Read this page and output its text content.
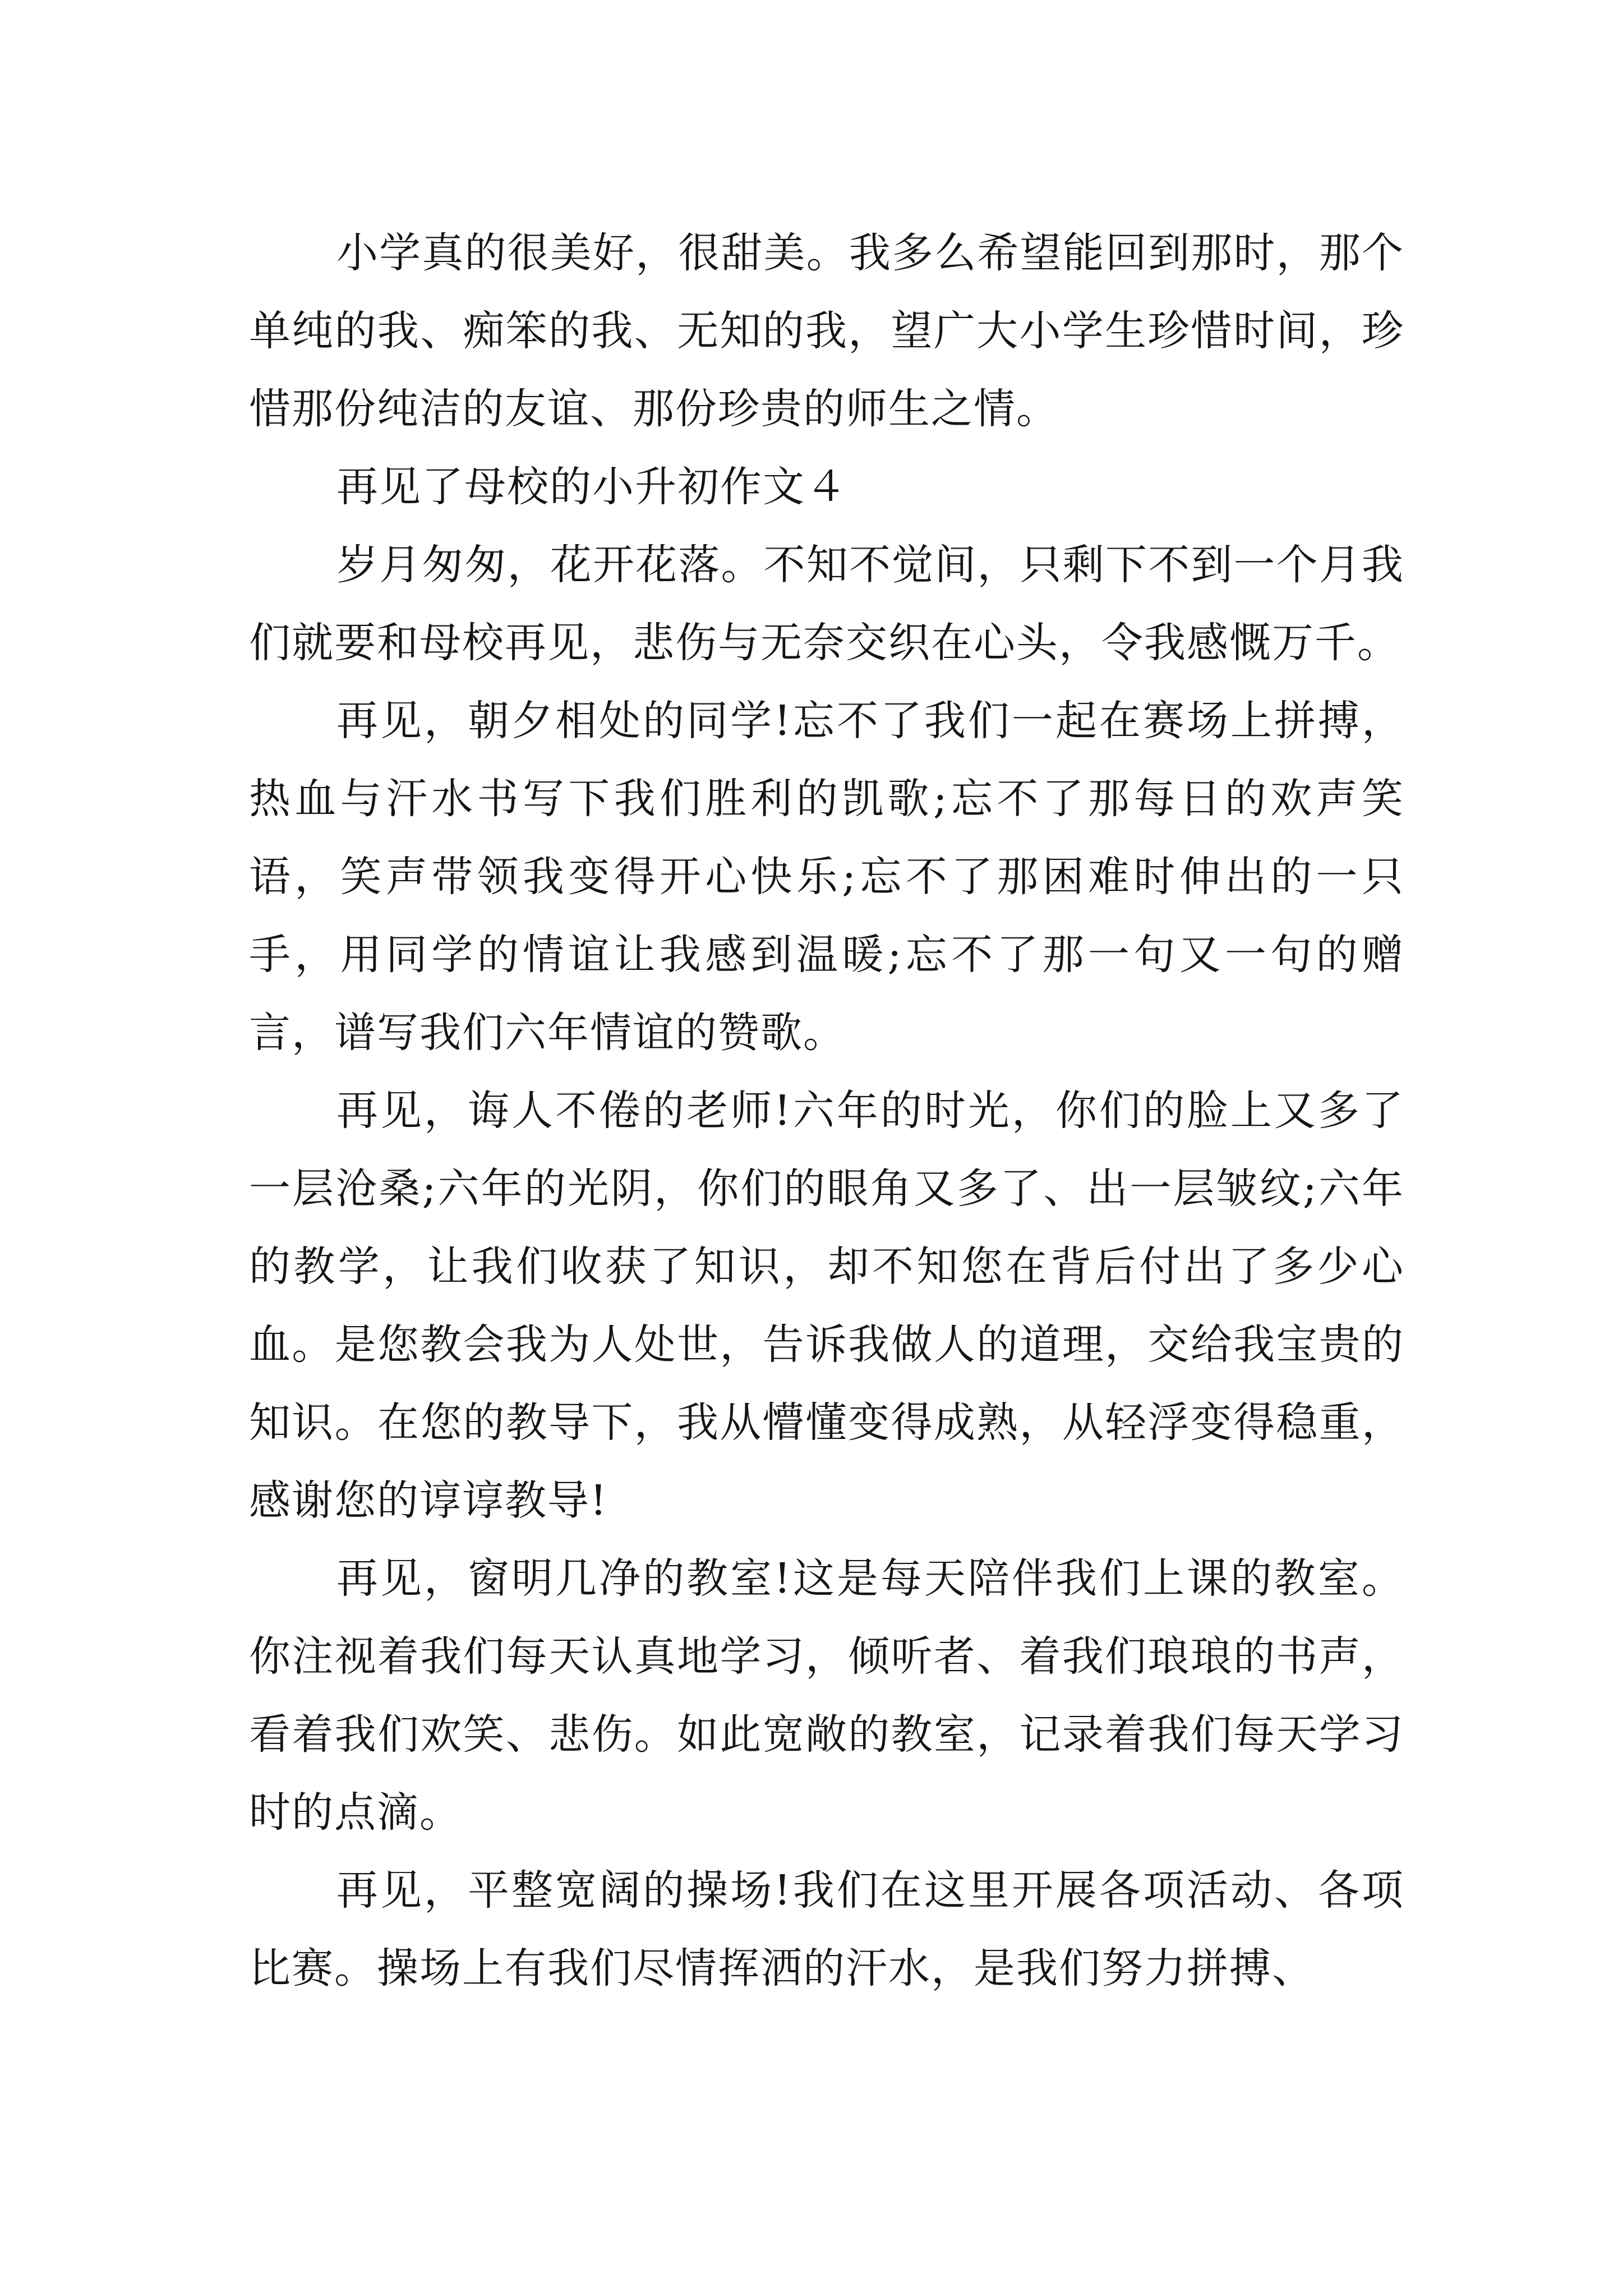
小学真的很美好，很甜美。我多么希望能回到那时，那个单纯的我、痴笨的我、无知的我，望广大小学生珍惜时间，珍惜那份纯洁的友谊、那份珍贵的师生之情。

再见了母校的小升初作文４

岁月匆匆，花开花落。不知不觉间，只剩下不到一个月我们就要和母校再见，悲伤与无奈交织在心头，令我感慨万千。

再见，朝夕相处的同学!忘不了我们一起在赛场上拼搏，热血与汗水书写下我们胜利的凯歌;忘不了那每日的欢声笑语，笑声带领我变得开心快乐;忘不了那困难时伸出的一只手，用同学的情谊让我感到温暖;忘不了那一句又一句的赠言，谱写我们六年情谊的赞歌。

再见，诲人不倦的老师!六年的时光，你们的脸上又多了一层沧桑;六年的光阴，你们的眼角又多了、出一层皱纹;六年的教学，让我们收获了知识，却不知您在背后付出了多少心血。是您教会我为人处世，告诉我做人的道理，交给我宝贵的知识。在您的教导下，我从懵懂变得成熟，从轻浮变得稳重，感谢您的谆谆教导!

再见，窗明几净的教室!这是每天陪伴我们上课的教室。你注视着我们每天认真地学习，倾听者、着我们琅琅的书声，看着我们欢笑、悲伤。如此宽敞的教室，记录着我们每天学习时的点滴。

再见，平整宽阔的操场!我们在这里开展各项活动、各项比赛。操场上有我们尽情挥洒的汗水，是我们努力拼搏、
